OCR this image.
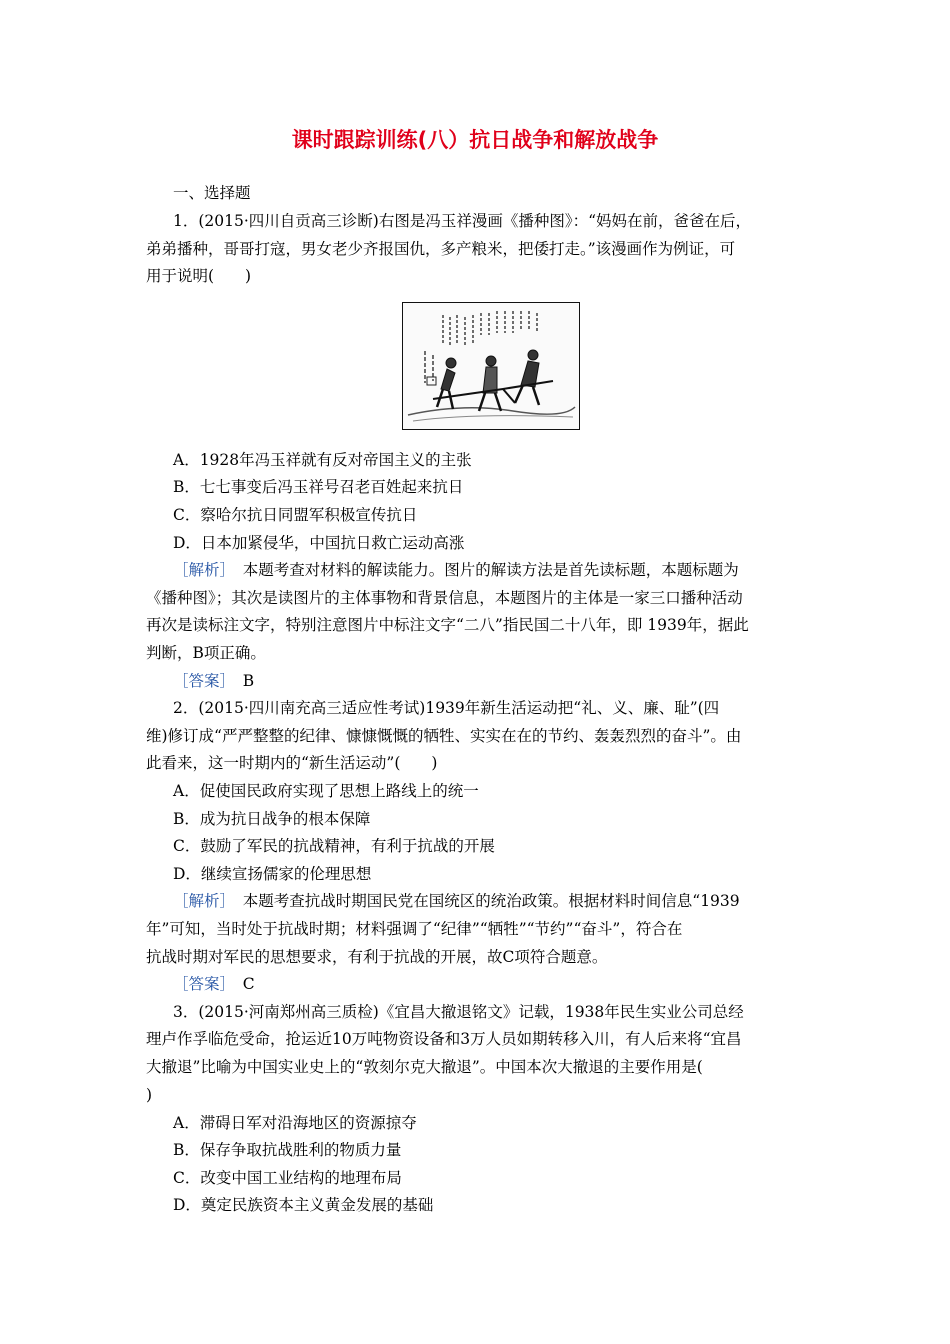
课时跟踪训练(八）抗日战争和解放战争
一、选择题
1．(2015·四川自贡高三诊断)右图是冯玉祥漫画《播种图》：“妈妈在前，爸爸在后，
弟弟播种，哥哥打寇，男女老少齐报国仇，多产粮米，把倭打走。”该漫画作为例证，可
用于说明(　　)
A．1928年冯玉祥就有反对帝国主义的主张
B．七七事变后冯玉祥号召老百姓起来抗日
C．察哈尔抗日同盟军积极宣传抗日
D．日本加紧侵华，中国抗日救亡运动高涨
［解析］　本题考查对材料的解读能力。图片的解读方法是首先读标题，本题标题为
《播种图》；其次是读图片的主体事物和背景信息，本题图片的主体是一家三口播种活动
再次是读标注文字，特别注意图片中标注文字“二八”指民国二十八年，即 1939年，据此
判断，B项正确。
［答案］　B
2．(2015·四川南充高三适应性考试)1939年新生活运动把“礼、义、廉、耻”(四
维)修订成“严严整整的纪律、慷慷慨慨的牺牲、实实在在的节约、轰轰烈烈的奋斗”。由
此看来，这一时期内的“新生活运动”(　　)
A．促使国民政府实现了思想上路线上的统一
B．成为抗日战争的根本保障
C．鼓励了军民的抗战精神，有利于抗战的开展
D．继续宣扬儒家的伦理思想
［解析］　本题考查抗战时期国民党在国统区的统治政策。根据材料时间信息“1939
年”可知，当时处于抗战时期；材料强调了“纪律”“牺牲”“节约”“奋斗”，符合在
抗战时期对军民的思想要求，有利于抗战的开展，故C项符合题意。
［答案］　C
3．(2015·河南郑州高三质检)《宜昌大撤退铭文》记载，1938年民生实业公司总经
理卢作孚临危受命，抢运近10万吨物资设备和3万人员如期转移入川，有人后来将“宜昌
大撤退”比喻为中国实业史上的“敦刻尔克大撤退”。中国本次大撤退的主要作用是(
)
A．滞碍日军对沿海地区的资源掠夺
B．保存争取抗战胜利的物质力量
C．改变中国工业结构的地理布局
D．奠定民族资本主义黄金发展的基础
